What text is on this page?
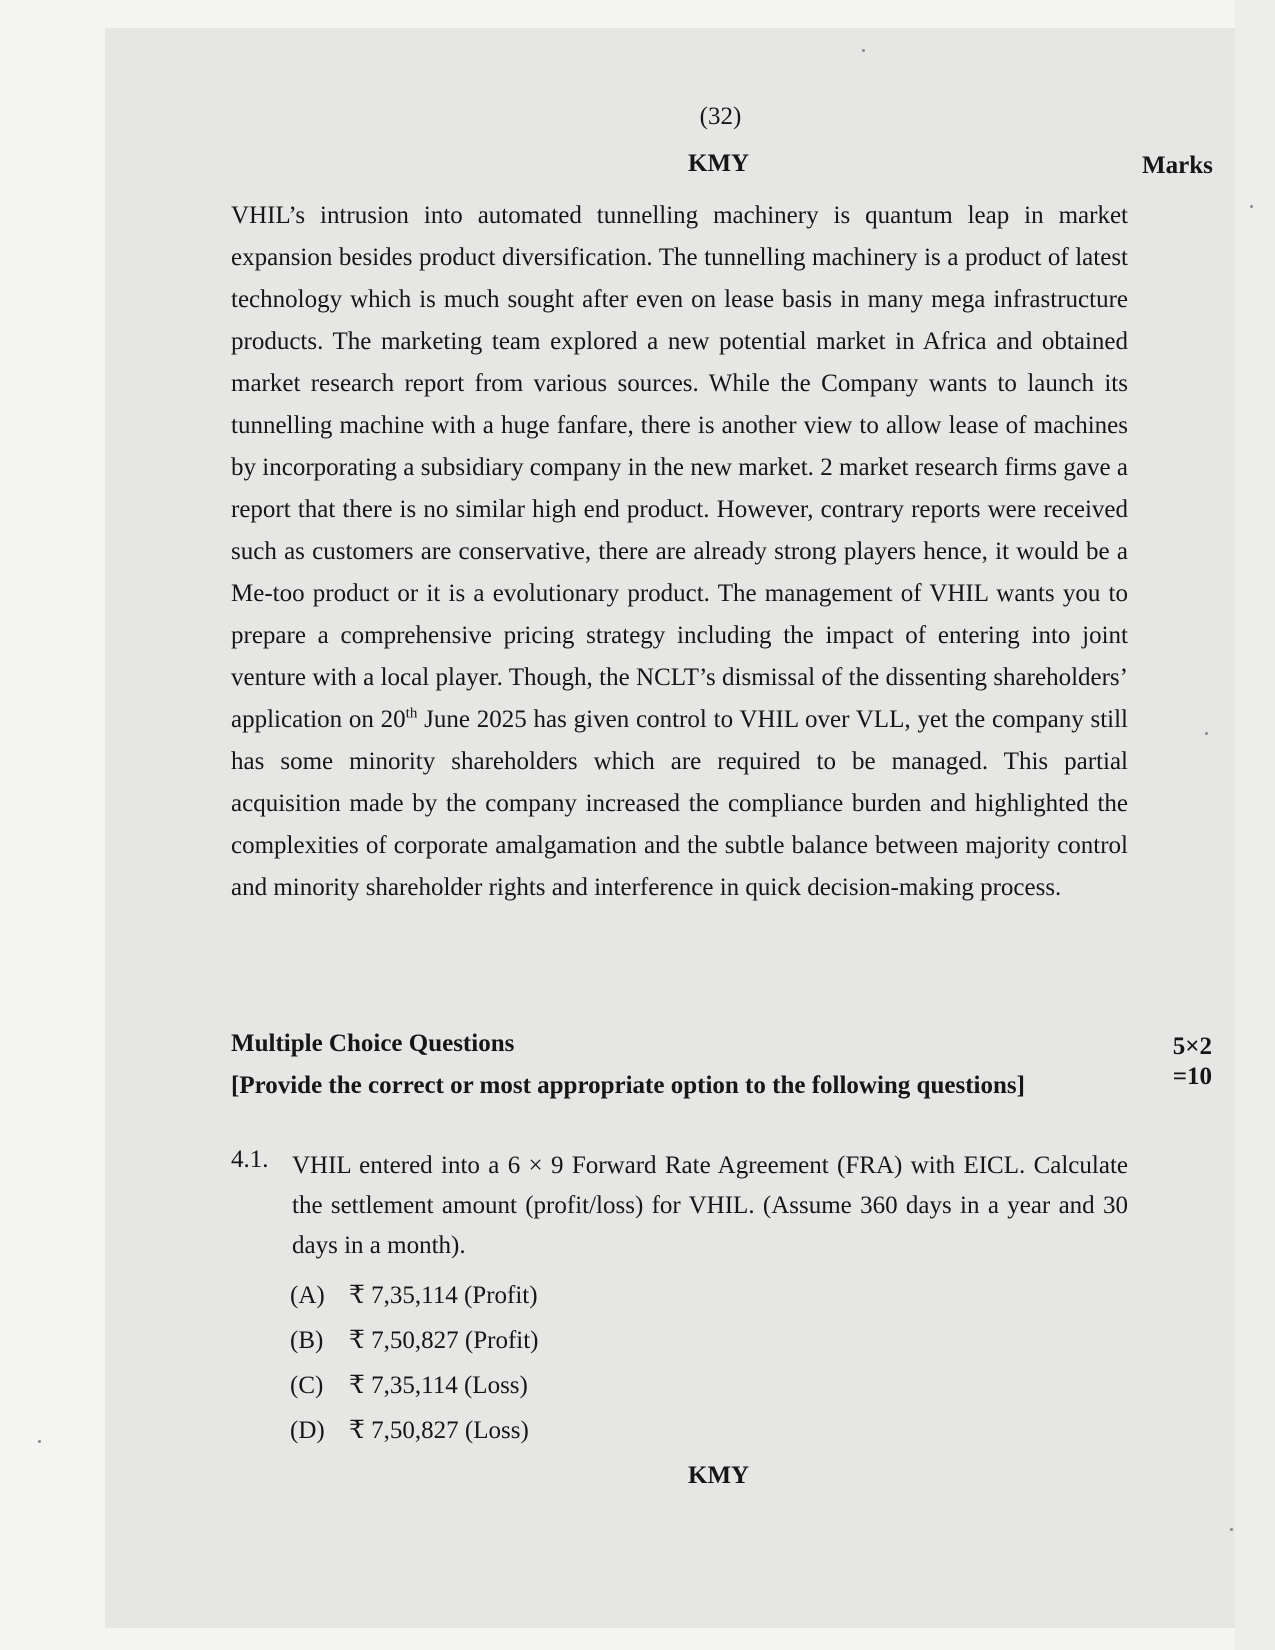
(32)
KMY	Marks

VHIL’s intrusion into automated tunnelling machinery is quantum leap in market expansion besides product diversification. The tunnelling machinery is a product of latest technology which is much sought after even on lease basis in many mega infrastructure products. The marketing team explored a new potential market in Africa and obtained market research report from various sources. While the Company wants to launch its tunnelling machine with a huge fanfare, there is another view to allow lease of machines by incorporating a subsidiary company in the new market. 2 market research firms gave a report that there is no similar high end product. However, contrary reports were received such as customers are conservative, there are already strong players hence, it would be a Me-too product or it is a evolutionary product. The management of VHIL wants you to prepare a comprehensive pricing strategy including the impact of entering into joint venture with a local player. Though, the NCLT’s dismissal of the dissenting shareholders’ application on 20th June 2025 has given control to VHIL over VLL, yet the company still has some minority shareholders which are required to be managed. This partial acquisition made by the company increased the compliance burden and highlighted the complexities of corporate amalgamation and the subtle balance between majority control and minority shareholder rights and interference in quick decision-making process.

Multiple Choice Questions
[Provide the correct or most appropriate option to the following questions]
5×2
=10
4.1. VHIL entered into a 6 × 9 Forward Rate Agreement (FRA) with EICL. Calculate the settlement amount (profit/loss) for VHIL. (Assume 360 days in a year and 30 days in a month).

(A) ₹ 7,35,114 (Profit)
(B) ₹ 7,50,827 (Profit)
(C) ₹ 7,35,114 (Loss)
(D) ₹ 7,50,827 (Loss)
KMY
